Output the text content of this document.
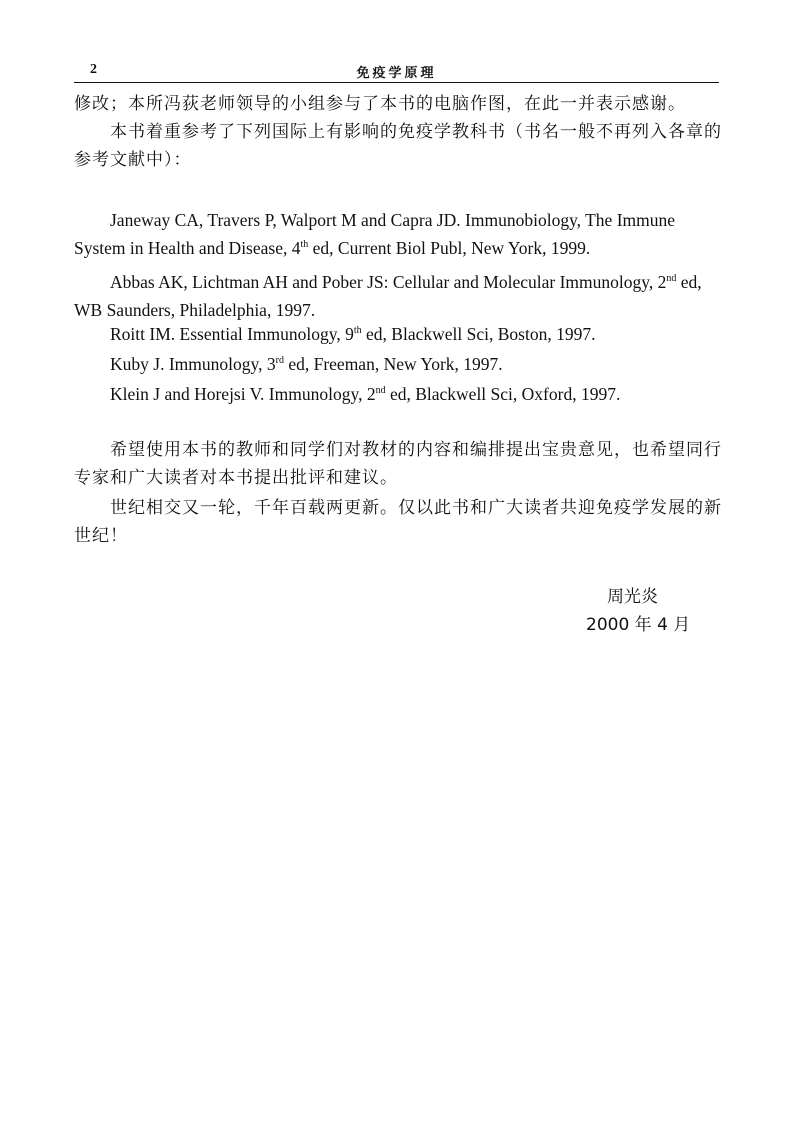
2	免疫学原理

修改；本所冯荻老师领导的小组参与了本书的电脑作图，在此一并表示感谢。

本书着重参考了下列国际上有影响的免疫学教科书（书名一般不再列入各章的参考文献中）：

Janeway CA, Travers P, Walport M and Capra JD. Immunobiology, The Immune System in Health and Disease, 4th ed, Current Biol Publ, New York, 1999.

Abbas AK, Lichtman AH and Pober JS: Cellular and Molecular Immunology, 2nd ed, WB Saunders, Philadelphia, 1997.

Roitt IM. Essential Immunology, 9th ed, Blackwell Sci, Boston, 1997.

Kuby J. Immunology, 3rd ed, Freeman, New York, 1997.

Klein J and Horejsi V. Immunology, 2nd ed, Blackwell Sci, Oxford, 1997.

希望使用本书的教师和同学们对教材的内容和编排提出宝贵意见，也希望同行专家和广大读者对本书提出批评和建议。

世纪相交又一轮，千年百载两更新。仅以此书和广大读者共迎免疫学发展的新世纪！

周光炎
2000 年 4 月
